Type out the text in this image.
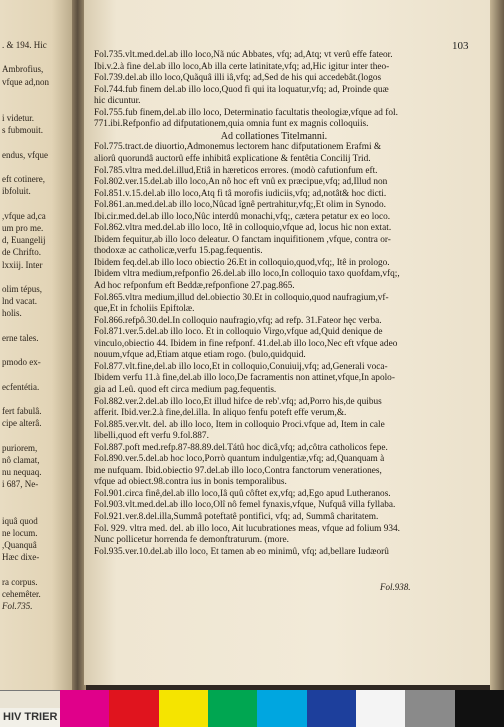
. & 194. Hic
Ambrofius,
vfque ad,non
i videtur.
s fubmouit.
endus, vfque
eft cotinere,
ibfoluit.
,vfque ad,ca
um pro me.
d, Euangelij
de Chrifto.
lxxiij. Inter
olim tépus,
lnd vacat.
holis.
erne tales.
pmodo ex-
ecfentétia.
fert fabulâ.
cipe alterâ.
puriorem,
nô clamat,
nu nequaq.
i 687, Ne-
iquâ quod
ne locum.
,Quanquâ
Hæc dixe-
ra corpus.
cehemêter.
Fol.735.
103
Fol.735.vlt.med.del.ab illo loco,Nã núc Abbates, vfq; ad,Atq; vt verû effe fateor.
Ibi.v.2.à fine del.ab illo loco,Ab illa certe latinitate,vfq; ad,Hic igitur inter theo-
Fol.739.del.ab illo loco,Quãquâ illi iâ,vfq; ad,Sed de his qui accedebât.(logos
Fol.744.fub finem del.ab illo loco,Quod fi qui ita loquatur,vfq; ad, Proinde quæ
hic dicuntur.
Fol.755.fub finem,del.ab illo loco, Determinatio facultatis theologiæ,vfque ad fol.
771.ibi.Refponfio ad difputationem,quia omnia funt ex magnis colloquiis.
Ad collationes Titelmanni.
Fol.775.tract.de diuortio,Admonemus lectorem hanc difputationem Erafmi &
aliorû quorundâ auctorû effe inhibitâ explicatione & fentêtia Concilij Trid.
Fol.785.vltra med.del.illud,Etiâ in hæreticos errores. (modò cafutionfum eft.
Fol.802.ver.15.del.ab illo loco,An nô hoc eft vnû ex præcipue,vfq; ad,Illud non
Fol.851.v.15.del.ab illo loco,Atq fi tâ morofis iudiciis,vfq; ad,notât& hoc dicti.
Fol.861.an.med.del.ab illo loco,Nûcad îgnê pertrahitur,vfq;,Et olim in Synodo.
Ibi.cir.med.del.ab illo loco,Nûc interdû monachi,vfq;, cætera petatur ex eo loco.
Fol.862.vltra med.del.ab illo loco, Itê in colloquio,vfque ad, locus hic non extat.
Ibidem fequitur,ab illo loco deleatur. O fanctam inquifitionem ,vfque, contra or-
thodoxæ ac catholicæ,verfu 15.pag.fequentis.
Ibidem feq.del.ab illo loco obiectio 26.Et in colloquio,quod,vfq;, Itê in prologo.
Ibidem vltra medium,refponfio 26.del.ab illo loco,In colloquio taxo quofdam,vfq;,
Ad hoc refponfum eft Beddæ,refponfione 27.pag.865.
Fol.865.vltra medium,illud del.obiectio 30.Et in colloquio,quod naufragium,vf-
que,Et in fcholiis Epiftolæ.
Fol.866.refpô.30.del.In colloquio naufragio,vfq; ad refp. 31.Fateor hęc verba.
Fol.871.ver.5.del.ab illo loco. Et in colloquio Virgo,vfque ad,Quid denique de
vinculo,obiectio 44. Ibidem in fine refponf. 41.del.ab illo loco,Nec eft vfque adeo
nouum,vfque ad,Etiam atque etiam rogo. (bulo,quidquid.
Fol.877.vlt.fine,del.ab illo loco,Et in colloquio,Conuiuij,vfq; ad,Generali voca-
Ibidem verfu 11.à fine,del.ab illo loco,De facramentis non attinet,vfque,In apolo-
gia ad Leû. quod eft circa medium pag.fequentis.
Fol.882.ver.2.del.ab illo loco,Et illud hifce de reb'.vfq; ad,Porro his,de quibus
afferit. Ibid.ver.2.à fine,del.illa. In aliquo fenfu poteft effe verum,&.
Fol.885.ver.vlt. del. ab illo loco, Item in colloquio Proci.vfque ad, Item in cale
libelli,quod eft verfu 9.fol.887.
Fol.887.poft med.refp.87-88.89.del.Tátû hoc dicâ,vfq; ad,côtra catholicos fepe.
Fol.890.ver.5.del.ab hoc loco,Porrò quantum indulgentiæ,vfq; ad,Quanquam à
me nufquam. Ibid.obiectio 97.del.ab illo loco,Contra fanctorum venerationes,
vfque ad obiect.98.contra ius in bonis temporalibus.
Fol.901.circa finê,del.ab illo loco,Iâ quû côftet ex,vfq; ad,Ego apud Lutheranos.
Fol.903.vlt.med.del.ab illo loco,Olî nô femel fynaxis,vfque, Nufquâ villa fyllaba.
Fol.921.ver.8.del.illa,Summâ poteftatê pontifici, vfq; ad, Summâ charitatem.
Fol. 929. vltra med. del. ab illo loco, Ait lucubrationes meas, vfque ad folium 934.
Nunc pollicetur horrenda fe demonftraturum. (more.
Fol.935.ver.10.del.ab illo loco, Et tamen ab eo minimû, vfq; ad,bellare Iudæorû
Fol.938.
HIV TRIER
